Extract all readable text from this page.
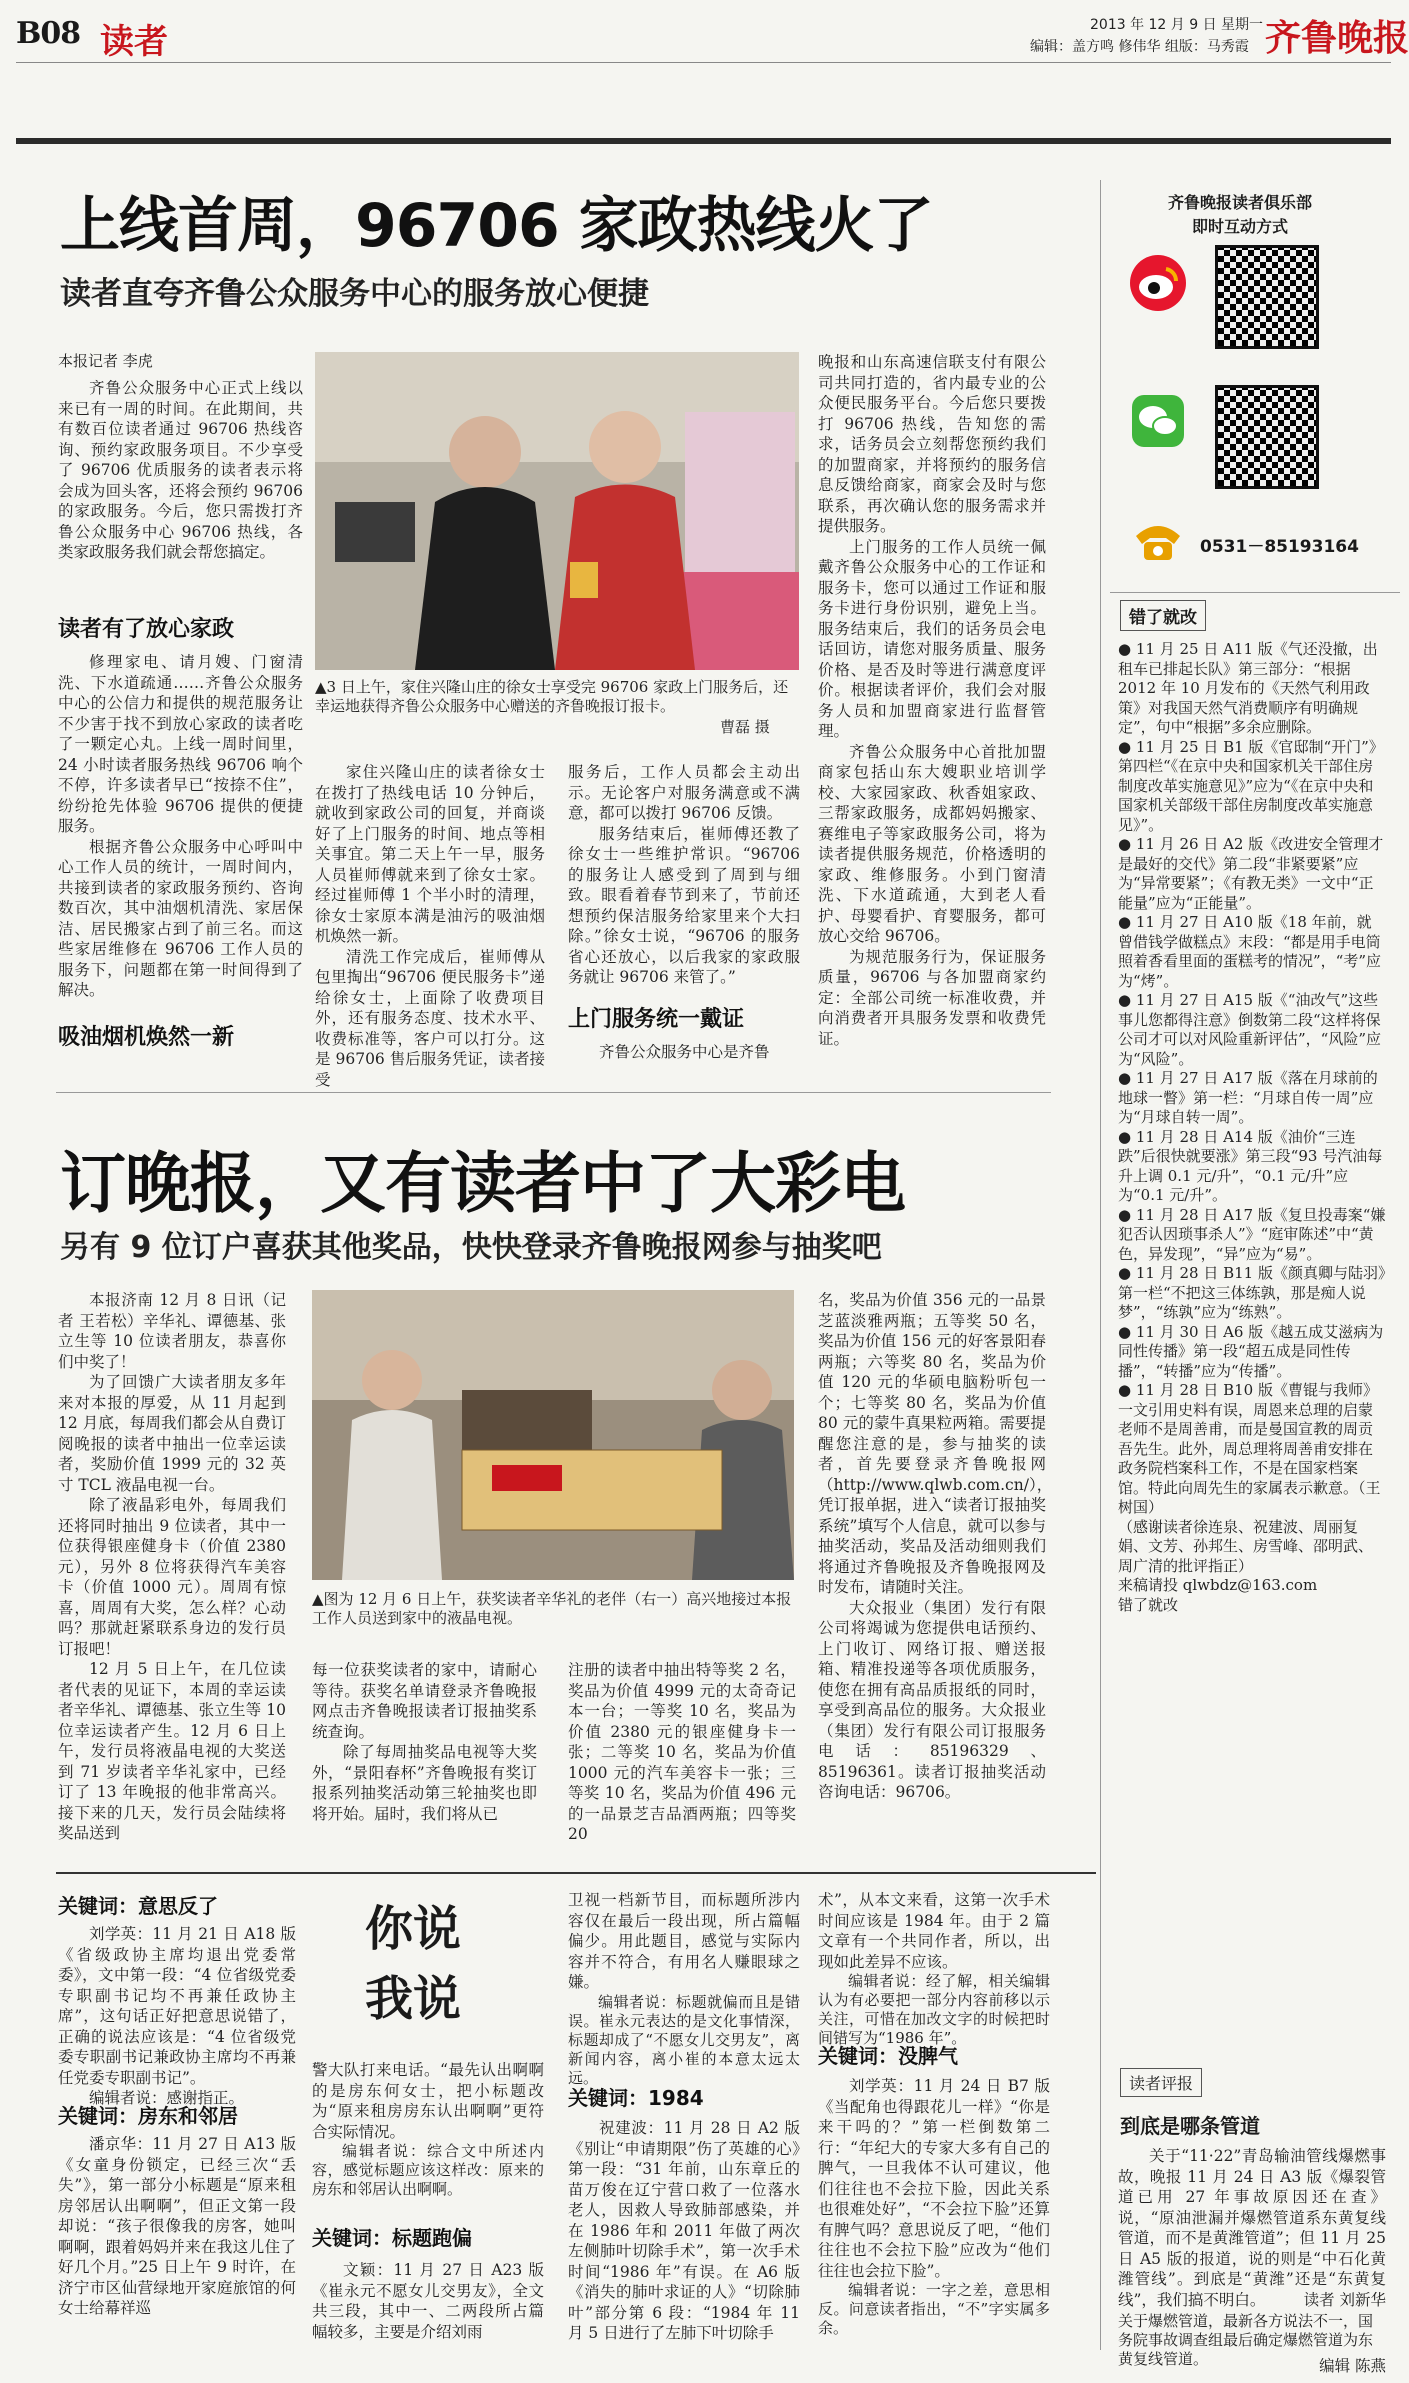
B08 读者	2013 年 12 月 9 日 星期一
编辑：盖方鸣 修伟华 组版：马秀霞 齐鲁晚报
上线首周，96706 家政热线火了
读者直夸齐鲁公众服务中心的服务放心便捷
本报记者 李虎

齐鲁公众服务中心正式上线以来已有一周的时间。在此期间，共有数百位读者通过 96706 热线咨询、预约家政服务项目。不少享受了 96706 优质服务的读者表示将会成为回头客，还将会预约 96706 的家政服务。今后，您只需拨打齐鲁公众服务中心 96706 热线，各类家政服务我们就会帮您搞定。

读者有了放心家政

修理家电、请月嫂、门窗清洗、下水道疏通……齐鲁公众服务中心的公信力和提供的规范服务让不少害于找不到放心家政的读者吃了一颗定心丸。上线一周时间里，24 小时读者服务热线 96706 响个不停，许多读者早已“按捺不住”，纷纷抢先体验 96706 提供的便捷服务。

根据齐鲁公众服务中心呼叫中心工作人员的统计，一周时间内，共接到读者的家政服务预约、咨询数百次，其中油烟机清洗、家居保洁、居民搬家占到了前三名。而这些家居维修在 96706 工作人员的服务下，问题都在第一时间得到了解决。

吸油烟机焕然一新
▲3 日上午，家住兴隆山庄的徐女士享受完 96706 家政上门服务后，还幸运地获得齐鲁公众服务中心赠送的齐鲁晚报订报卡。
曹磊 摄

家住兴隆山庄的读者徐女士在拨打了热线电话 10 分钟后，就收到家政公司的回复，并商谈好了上门服务的时间、地点等相关事宜。第二天上午一早，服务人员崔师傅就来到了徐女士家。经过崔师傅 1 个半小时的清理，徐女士家原本满是油污的吸油烟机焕然一新。

清洗工作完成后，崔师傅从包里掏出“96706 便民服务卡”递给徐女士，上面除了收费项目外，还有服务态度、技术水平、收费标准等，客户可以打分。这是 96706 售后服务凭证，读者接受

服务后，工作人员都会主动出示。无论客户对服务满意或不满意，都可以拨打 96706 反馈。

服务结束后，崔师傅还教了徐女士一些维护常识。“96706 的服务让人感受到了周到与细致。眼看着春节到来了，节前还想预约保洁服务给家里来个大扫除。”徐女士说，“96706 的服务省心还放心，以后我家的家政服务就让 96706 来管了。”

上门服务统一戴证

齐鲁公众服务中心是齐鲁

晚报和山东高速信联支付有限公司共同打造的，省内最专业的公众便民服务平台。今后您只要拨打 96706 热线，告知您的需求，话务员会立刻帮您预约我们的加盟商家，并将预约的服务信息反馈给商家，商家会及时与您联系，再次确认您的服务需求并提供服务。

上门服务的工作人员统一佩戴齐鲁公众服务中心的工作证和服务卡，您可以通过工作证和服务卡进行身份识别，避免上当。服务结束后，我们的话务员会电话回访，请您对服务质量、服务价格、是否及时等进行满意度评价。根据读者评价，我们会对服务人员和加盟商家进行监督管理。

齐鲁公众服务中心首批加盟商家包括山东大嫂职业培训学校、大家园家政、秋香姐家政、三帮家政服务，成都妈妈搬家、赛维电子等家政服务公司，将为读者提供服务规范，价格透明的家政、维修服务。小到门窗清洗、下水道疏通，大到老人看护、母婴看护、育婴服务，都可放心交给 96706。

为规范服务行为，保证服务质量，96706 与各加盟商家约定：全部公司统一标准收费，并向消费者开具服务发票和收费凭证。

订晚报，又有读者中了大彩电
另有 9 位订户喜获其他奖品，快快登录齐鲁晚报网参与抽奖吧

本报济南 12 月 8 日讯（记者 王若松）辛华礼、谭德基、张立生等 10 位读者朋友，恭喜你们中奖了！

为了回馈广大读者朋友多年来对本报的厚爱，从 11 月起到 12 月底，每周我们都会从自费订阅晚报的读者中抽出一位幸运读者，奖励价值 1999 元的 32 英寸 TCL 液晶电视一台。

除了液晶彩电外，每周我们还将同时抽出 9 位读者，其中一位获得银座健身卡（价值 2380 元），另外 8 位将获得汽车美容卡（价值 1000 元）。周周有惊喜，周周有大奖，怎么样？心动吗？那就赶紧联系身边的发行员订报吧！

12 月 5 日上午，在几位读者代表的见证下，本周的幸运读者辛华礼、谭德基、张立生等 10 位幸运读者产生。12 月 6 日上午，发行员将液晶电视的大奖送到 71 岁读者辛华礼家中，已经订了 13 年晚报的他非常高兴。接下来的几天，发行员会陆续将奖品送到

▲图为 12 月 6 日上午，获奖读者辛华礼的老伴（右一）高兴地接过本报工作人员送到家中的液晶电视。

每一位获奖读者的家中，请耐心等待。获奖名单请登录齐鲁晚报网点击齐鲁晚报读者订报抽奖系统查询。

除了每周抽奖品电视等大奖外，“景阳春杯”齐鲁晚报有奖订报系列抽奖活动第三轮抽奖也即将开始。届时，我们将从已

注册的读者中抽出特等奖 2 名，奖品为价值 4999 元的太奇奇记本一台；一等奖 10 名，奖品为价值 2380 元的银座健身卡一张；二等奖 10 名，奖品为价值 1000 元的汽车美容卡一张；三等奖 10 名，奖品为价值 496 元的一品景芝吉品酒两瓶；四等奖 20

名，奖品为价值 356 元的一品景芝蓝淡雅两瓶；五等奖 50 名，奖品为价值 156 元的好客景阳春两瓶；六等奖 80 名，奖品为价值 120 元的华硕电脑粉听包一个；七等奖 80 名，奖品为价值 80 元的蒙牛真果粒两箱。需要提醒您注意的是，参与抽奖的读者，首先要登录齐鲁晚报网（http://www.qlwb.com.cn/），凭订报单据，进入“读者订报抽奖系统”填写个人信息，就可以参与抽奖活动，奖品及活动细则我们将通过齐鲁晚报及齐鲁晚报网及时发布，请随时关注。

大众报业（集团）发行有限公司将竭诚为您提供电话预约、上门收订、网络订报、赠送报箱、精准投递等各项优质服务，使您在拥有高品质报纸的同时，享受到高品位的服务。大众报业（集团）发行有限公司订报服务电话：85196329、85196361。读者订报抽奖活动咨询电话：96706。

齐鲁晚报读者俱乐部
即时互动方式
0531－85193164
错了就改
● 11 月 25 日 A11 版《气还没撤，出租车已排起长队》第三部分：“根据 2012 年 10 月发布的《天然气利用政策》对我国天然气消费顺序有明确规定”，句中“根据”多余应删除。
● 11 月 25 日 B1 版《官邸制“开门”》第四栏“《在京中央和国家机关干部住房制度改革实施意见》”应为“《在京中央和国家机关部级干部住房制度改革实施意见》”。
● 11 月 26 日 A2 版《改进安全管理才是最好的交代》第二段“非紧要紧”应为“异常要紧”；《有教无类》一文中“正能量”应为“正能量”。
● 11 月 27 日 A10 版《18 年前，就曾借钱学做糕点》末段：“都是用手电筒照着香看里面的蛋糕考的情况”，“考”应为“烤”。
● 11 月 27 日 A15 版《“油改气”这些事儿您都得注意》倒数第二段“这样将保公司才可以对风险重新评估”，“风险”应为“风险”。
● 11 月 27 日 A17 版《落在月球前的地球一瞥》第一栏：“月球自传一周”应为“月球自转一周”。
● 11 月 28 日 A14 版《油价“三连跌”后很快就要涨》第三段“93 号汽油每升上调 0.1 元/升”，“0.1 元/升”应为“0.1 元/升”。
● 11 月 28 日 A17 版《复旦投毒案“嫌犯否认因琐事杀人”》“庭审陈述”中“黄色，异发现”，“异”应为“易”。
● 11 月 28 日 B11 版《颜真卿与陆羽》第一栏“不把这三体练孰，那是痴人说梦”，“练孰”应为“练熟”。
● 11 月 30 日 A6 版《越五成艾滋病为同性传播》第一段“超五成是同性传播”，“转播”应为“传播”。
● 11 月 28 日 B10 版《曹锟与我师》一文引用史料有误，周恩来总理的启蒙老师不是周善甫，而是曼国宣教的周贡吾先生。此外，周总理将周善甫安排在政务院档案科工作，不是在国家档案馆。特此向周先生的家属表示歉意。（王树国）
（感谢读者徐连泉、祝建波、周丽复娟、文芳、孙邦生、房雪峰、邵明武、周广清的批评指正）
来稿请投 qlwbdz@163.com
错了就改
读者评报
到底是哪条管道

关于“11·22”青岛输油管线爆燃事故，晚报 11 月 24 日 A3 版《爆裂管道已用 27 年事故原因还在查》说，“原油泄漏并爆燃管道系东黄复线管道，而不是黄潍管道”；但 11 月 25 日 A5 版的报道，说的则是“中石化黄潍管线”。到底是“黄潍”还是“东黄复线”，我们搞不明白。	读者 刘新华
关于爆燃管道，最新各方说法不一，国务院事故调查组最后确定爆燃管道为东黄复线管道。	编辑 陈燕
关键词：意思反了

刘学英：11 月 21 日 A18 版《省级政协主席均退出党委常委》，文中第一段：“4 位省级党委专职副书记均不再兼任政协主席”，这句话正好把意思说错了，正确的说法应该是：“4 位省级党委专职副书记兼政协主席均不再兼任党委专职副书记”。

编辑者说：感谢指正。

关键词：房东和邻居

潘京华：11 月 27 日 A13 版《女童身份锁定，已经三次“丢失”》，第一部分小标题是“原来租房邻居认出啊啊”，但正文第一段却说：“孩子很像我的房客，她叫啊啊，跟着妈妈并来在我这儿住了好几个月。”25 日上午 9 时许，在济宁市区仙营绿地开家庭旅馆的何女士给幕祥巡

你说
我说

警大队打来电话。“最先认出啊啊的是房东何女士，把小标题改为“原来租房房东认出啊啊”更符合实际情况。

编辑者说：综合文中所述内容，感觉标题应该这样改：原来的房东和邻居认出啊啊。

关键词：标题跑偏

文颖：11 月 27 日 A23 版《崔永元不愿女儿交男友》，全文共三段，其中一、二两段所占篇幅较多，主要是介绍刘雨

卫视一档新节目，而标题所涉内容仅在最后一段出现，所占篇幅偏少。用此题目，感觉与实际内容并不符合，有用名人赚眼球之嫌。

编辑者说：标题就偏而且是错误。崔永元表达的是文化事情深，标题却成了“不愿女儿交男友”，离新闻内容，离小崔的本意太远太远。

关键词：1984

祝建波：11 月 28 日 A2 版《别让“申请期限”伤了英雄的心》第一段：“31 年前，山东章丘的苗万俊在辽宁营口救了一位落水老人，因救人导致肺部感染，并在 1986 年和 2011 年做了两次左侧肺叶切除手术”，第一次手术时间“1986 年”有误。在 A6 版《消失的肺叶求证的人》“切除肺叶”部分第 6 段：“1984 年 11 月 5 日进行了左肺下叶切除手

术”，从本文来看，这第一次手术时间应该是 1984 年。由于 2 篇文章有一个共同作者，所以，出现如此差异不应该。

编辑者说：经了解，相关编辑认为有必要把一部分内容前移以示关注，可惜在加改文字的时候把时间错写为“1986 年”。

关键词：没脾气

刘学英：11 月 24 日 B7 版《当配角也得跟花儿一样》“你是来干吗的？”第一栏倒数第二行：“年纪大的专家大多有自己的脾气，一旦我体不认可建议，他们往往也不会拉下脸，因此关系也很难处好”，“不会拉下脸”还算有脾气吗？意思说反了吧，“他们往往也不会拉下脸”应改为“他们往往也会拉下脸”。

编辑者说：一字之差，意思相反。问意读者指出，“不”字实属多余。
